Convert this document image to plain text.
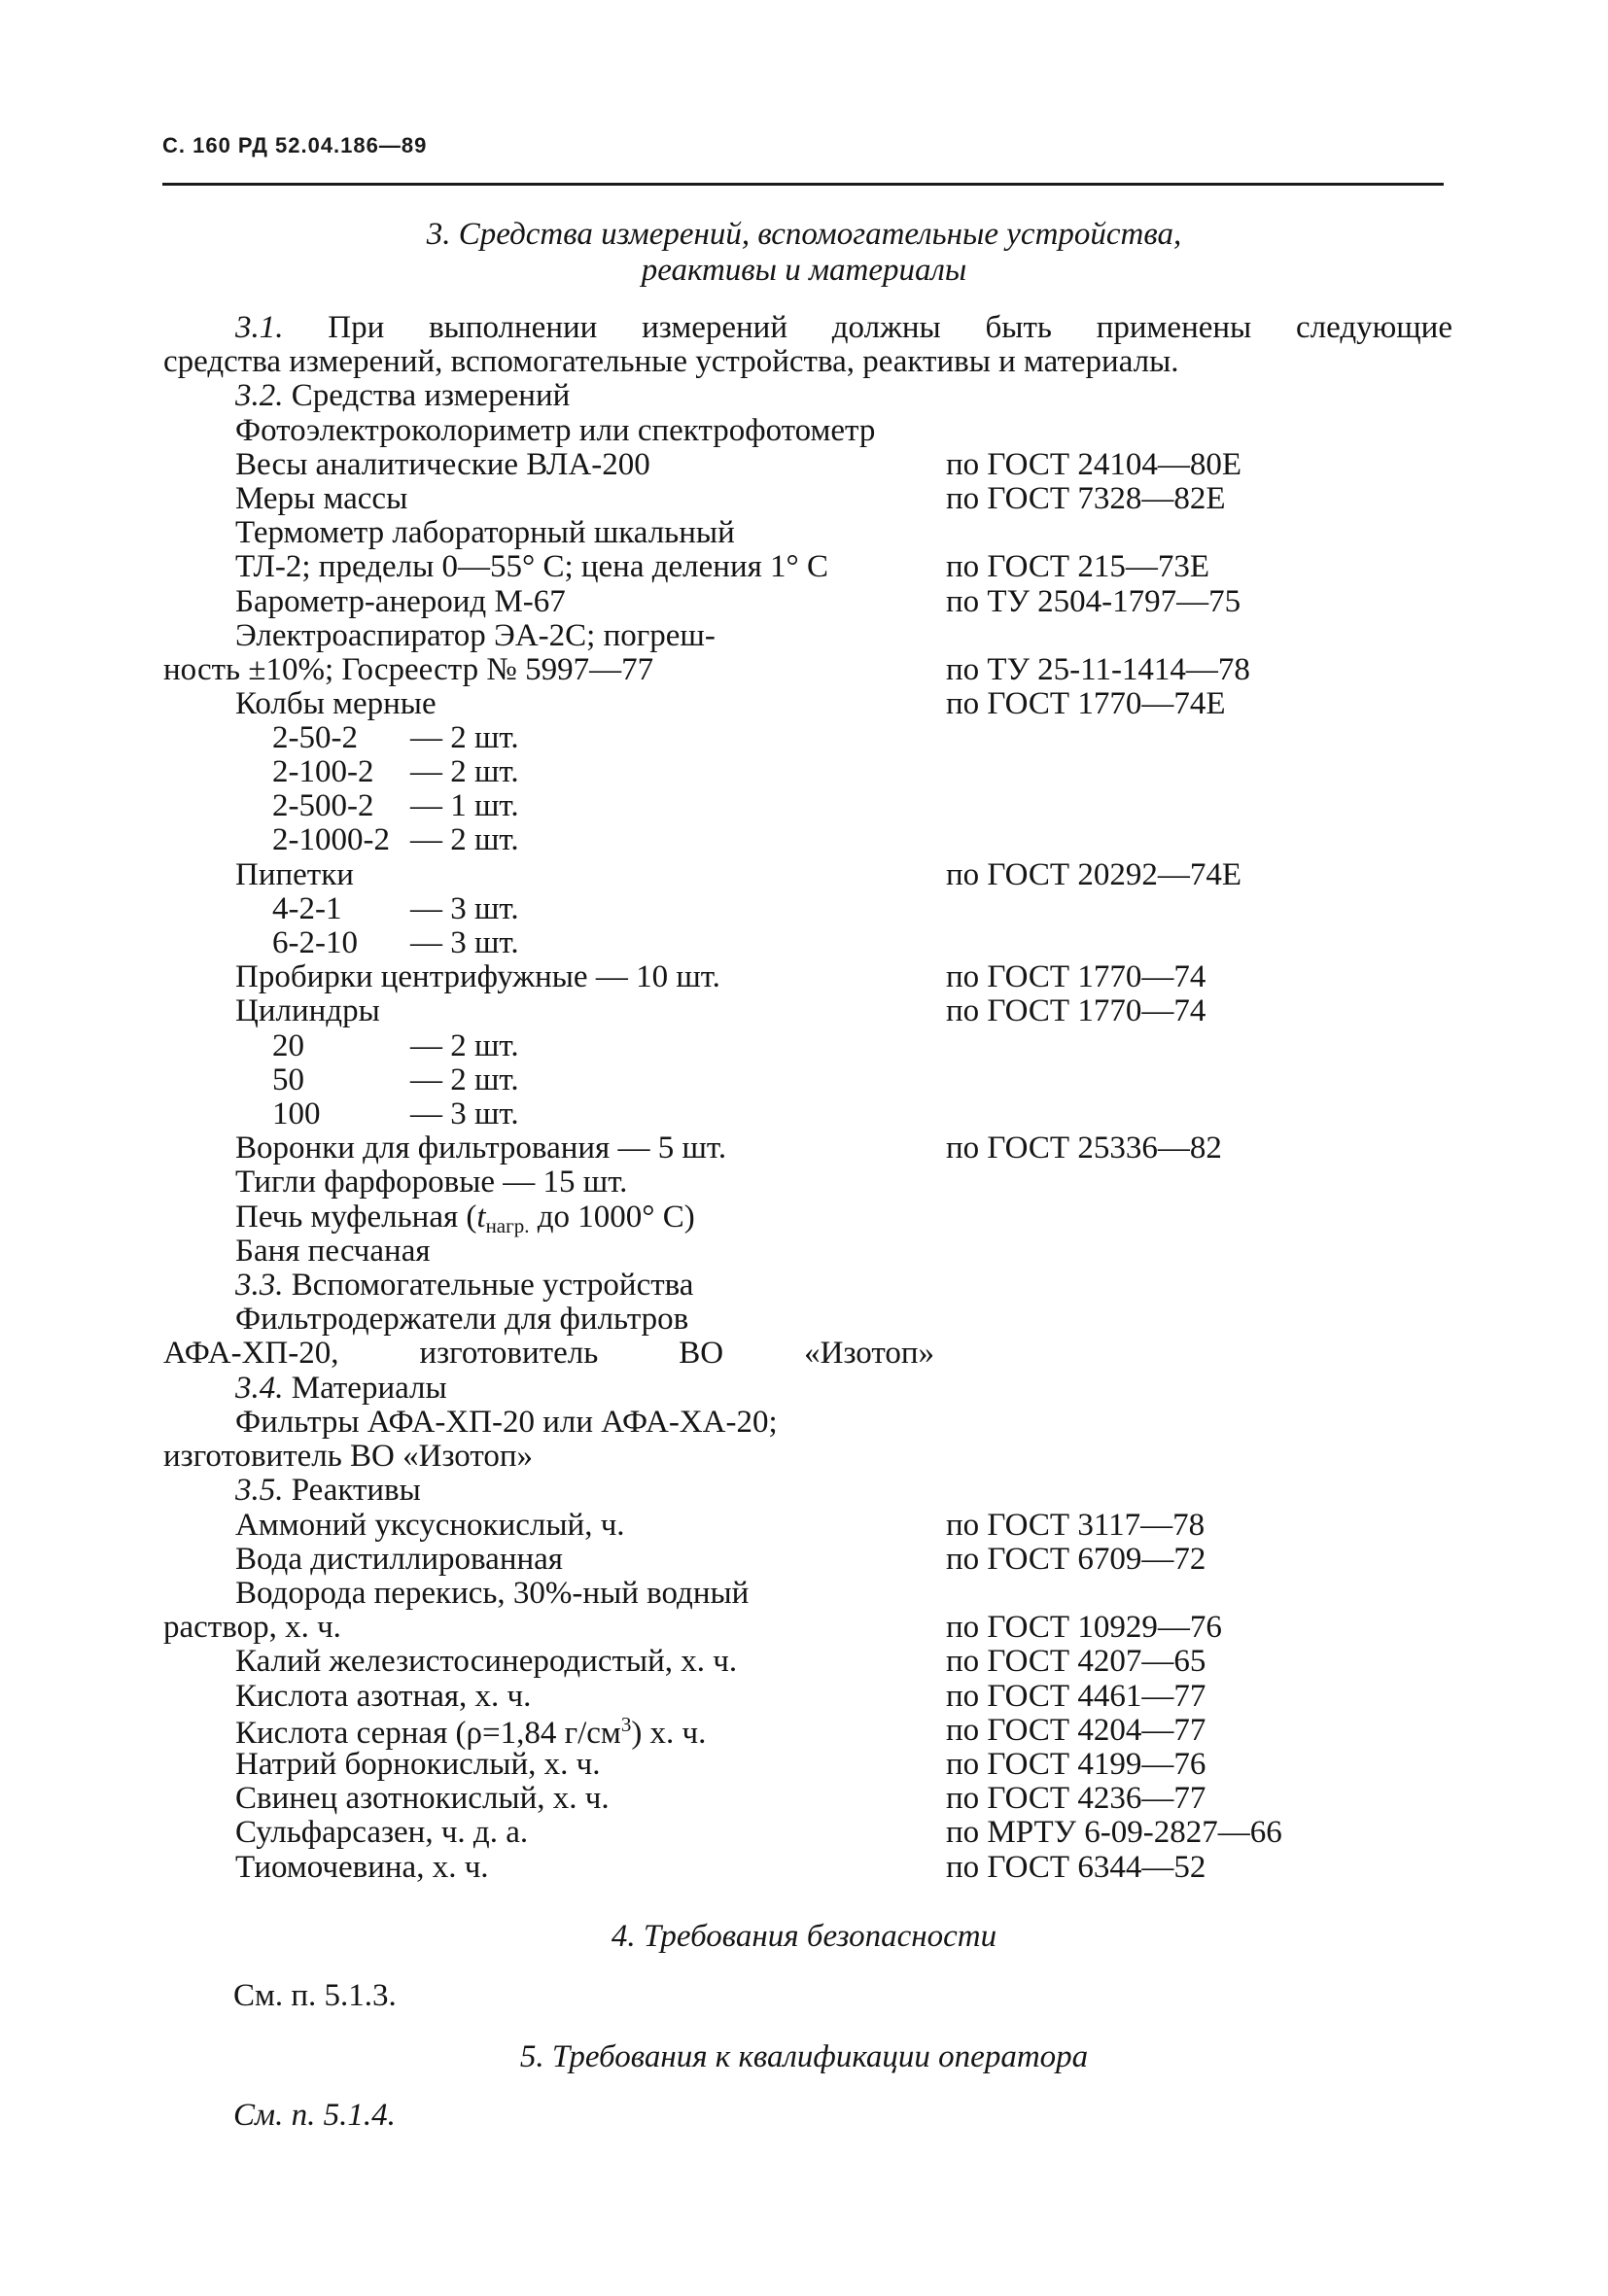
С. 160 РД 52.04.186—89
3. Средства измерений, вспомогательные устройства,
реактивы и материалы
3.1. При выполнении измерений должны быть применены следующие
средства измерений, вспомогательные устройства, реактивы и материалы.
3.2. Средства измерений
Фотоэлектроколориметр или спектрофотометр
Весы аналитические ВЛА-200	по ГОСТ 24104—80Е
Меры массы	по ГОСТ 7328—82Е
Термометр лабораторный шкальный
ТЛ-2; пределы 0—55° С; цена деления 1° С	по ГОСТ 215—73Е
Барометр-анероид М-67	по ТУ 2504-1797—75
Электроаспиратор ЭА-2С; погреш-
ность ±10%; Госреестр № 5997—77	по ТУ 25-11-1414—78
Колбы мерные	по ГОСТ 1770—74Е
2-50-2 — 2 шт.
2-100-2 — 2 шт.
2-500-2 — 1 шт.
2-1000-2 — 2 шт.
Пипетки	по ГОСТ 20292—74Е
4-2-1 — 3 шт.
6-2-10 — 3 шт.
Пробирки центрифужные — 10 шт.	по ГОСТ 1770—74
Цилиндры	по ГОСТ 1770—74
20	— 2 шт.
50	— 2 шт.
100	— 3 шт.
Воронки для фильтрования — 5 шт.	по ГОСТ 25336—82
Тигли фарфоровые — 15 шт.
Печь муфельная ($t_{нагр.}$ до 1000° С)
Баня песчаная
3.3. Вспомогательные устройства
Фильтродержатели для фильтров
АФА-ХП-20, изготовитель ВО «Изотоп»
3.4. Материалы
Фильтры АФА-ХП-20 или АФА-ХА-20;
изготовитель ВО «Изотоп»
3.5. Реактивы
Аммоний уксуснокислый, ч.	по ГОСТ 3117—78
Вода дистиллированная	по ГОСТ 6709—72
Водорода перекись, 30%-ный водный
раствор, х. ч.	по ГОСТ 10929—76
Калий железистосинеродистый, х. ч.	по ГОСТ 4207—65
Кислота азотная, х. ч.	по ГОСТ 4461—77
Кислота серная (ρ=1,84 $г/см^3$) х. ч.	по ГОСТ 4204—77
Натрий борнокислый, х. ч.	по ГОСТ 4199—76
Свинец азотнокислый, х. ч.	по ГОСТ 4236—77
Сульфарсазен, ч. д. а.	по МРТУ 6-09-2827—66
Тиомочевина, х. ч.	по ГОСТ 6344—52
4. Требования безопасности
См. п. 5.1.3.
5. Требования к квалификации оператора
См. п. 5.1.4.
